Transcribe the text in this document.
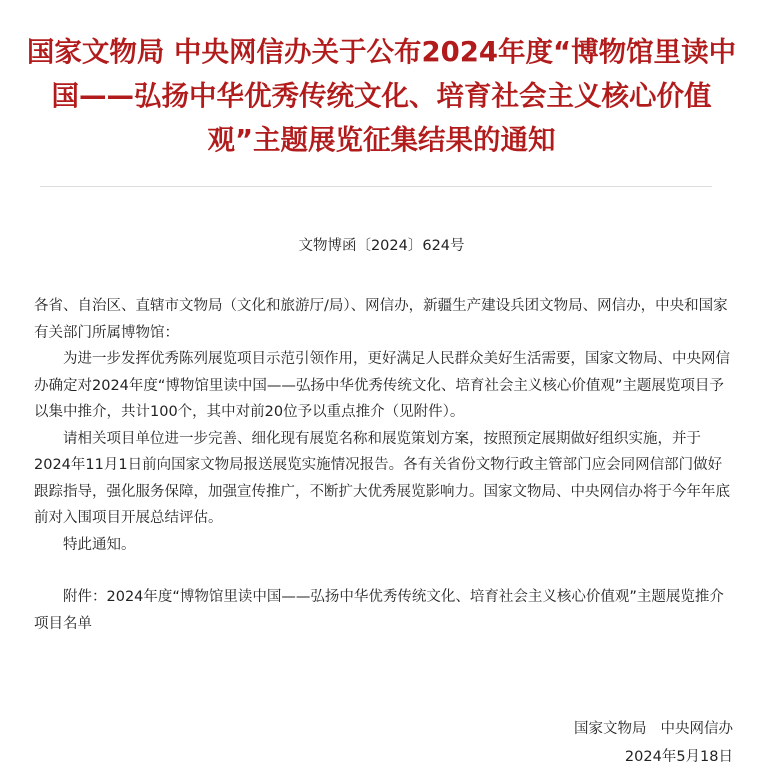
国家文物局 中央网信办关于公布2024年度“博物馆里读中国——弘扬中华优秀传统文化、培育社会主义核心价值观”主题展览征集结果的通知
文物博函〔2024〕624号

各省、自治区、直辖市文物局（文化和旅游厅/局）、网信办，新疆生产建设兵团文物局、网信办，中央和国家有关部门所属博物馆：

为进一步发挥优秀陈列展览项目示范引领作用，更好满足人民群众美好生活需要，国家文物局、中央网信办确定对2024年度“博物馆里读中国——弘扬中华优秀传统文化、培育社会主义核心价值观”主题展览项目予以集中推介，共计100个，其中对前20位予以重点推介（见附件）。

请相关项目单位进一步完善、细化现有展览名称和展览策划方案，按照预定展期做好组织实施，并于2024年11月1日前向国家文物局报送展览实施情况报告。各有关省份文物行政主管部门应会同网信部门做好跟踪指导，强化服务保障，加强宣传推广，不断扩大优秀展览影响力。国家文物局、中央网信办将于今年年底前对入围项目开展总结评估。

特此通知。

附件：2024年度“博物馆里读中国——弘扬中华优秀传统文化、培育社会主义核心价值观”主题展览推介项目名单

国家文物局 中央网信办
2024年5月18日
